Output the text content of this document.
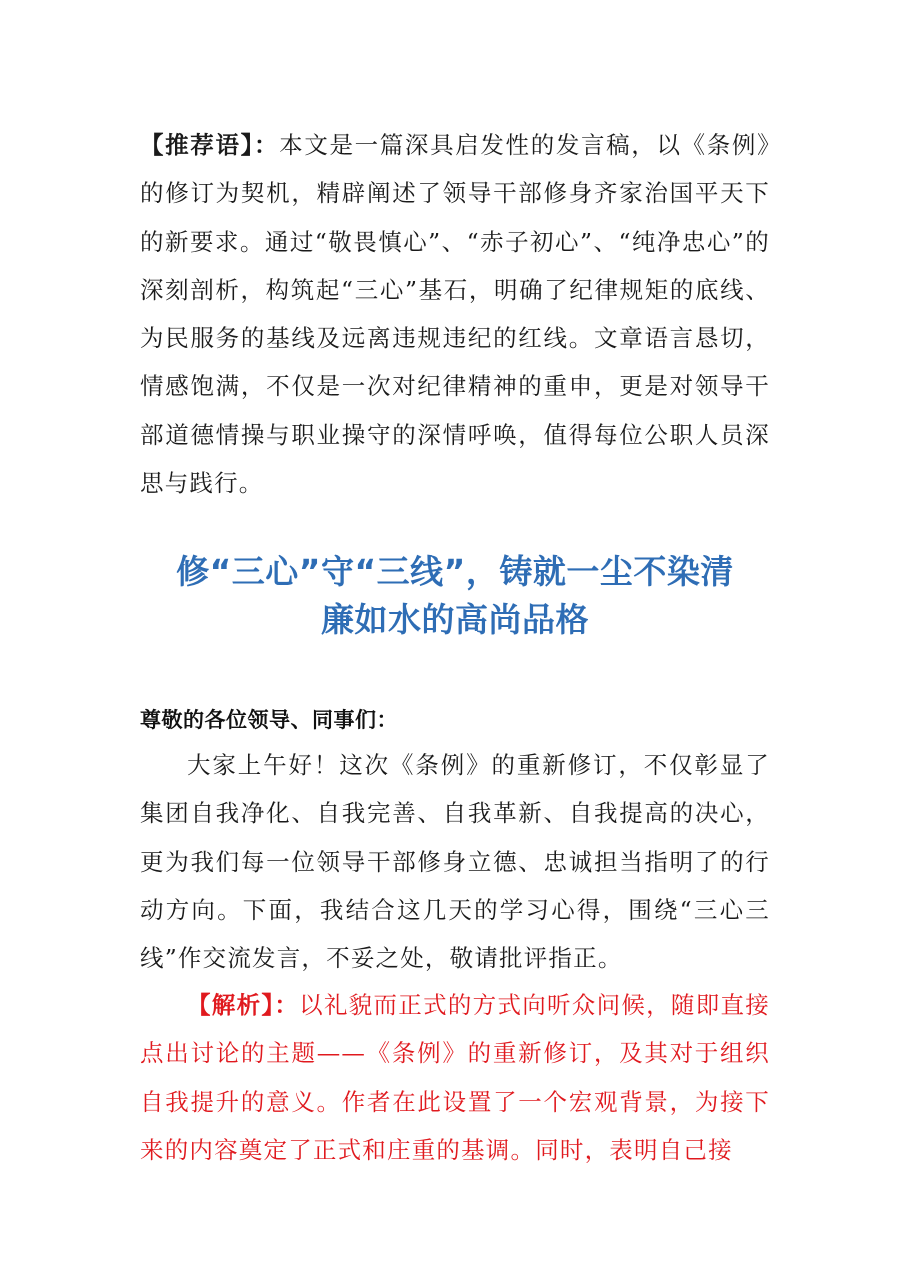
【推荐语】：本文是一篇深具启发性的发言稿，以《条例》的修订为契机，精辟阐述了领导干部修身齐家治国平天下的新要求。通过“敬畏慎心”、“赤子初心”、“纯净忠心”的深刻剖析，构筑起“三心”基石，明确了纪律规矩的底线、为民服务的基线及远离违规违纪的红线。文章语言恳切，情感饱满，不仅是一次对纪律精神的重申，更是对领导干部道德情操与职业操守的深情呼唤，值得每位公职人员深思与践行。
修“三心”守“三线”，铸就一尘不染清
廉如水的高尚品格
尊敬的各位领导、同事们：
大家上午好！这次《条例》的重新修订，不仅彰显了集团自我净化、自我完善、自我革新、自我提高的决心，更为我们每一位领导干部修身立德、忠诚担当指明了的行动方向。下面，我结合这几天的学习心得，围绕“三心三线”作交流发言，不妥之处，敬请批评指正。
【解析】：以礼貌而正式的方式向听众问候，随即直接点出讨论的主题——《条例》的重新修订，及其对于组织自我提升的意义。作者在此设置了一个宏观背景，为接下来的内容奠定了正式和庄重的基调。同时，表明自己接
